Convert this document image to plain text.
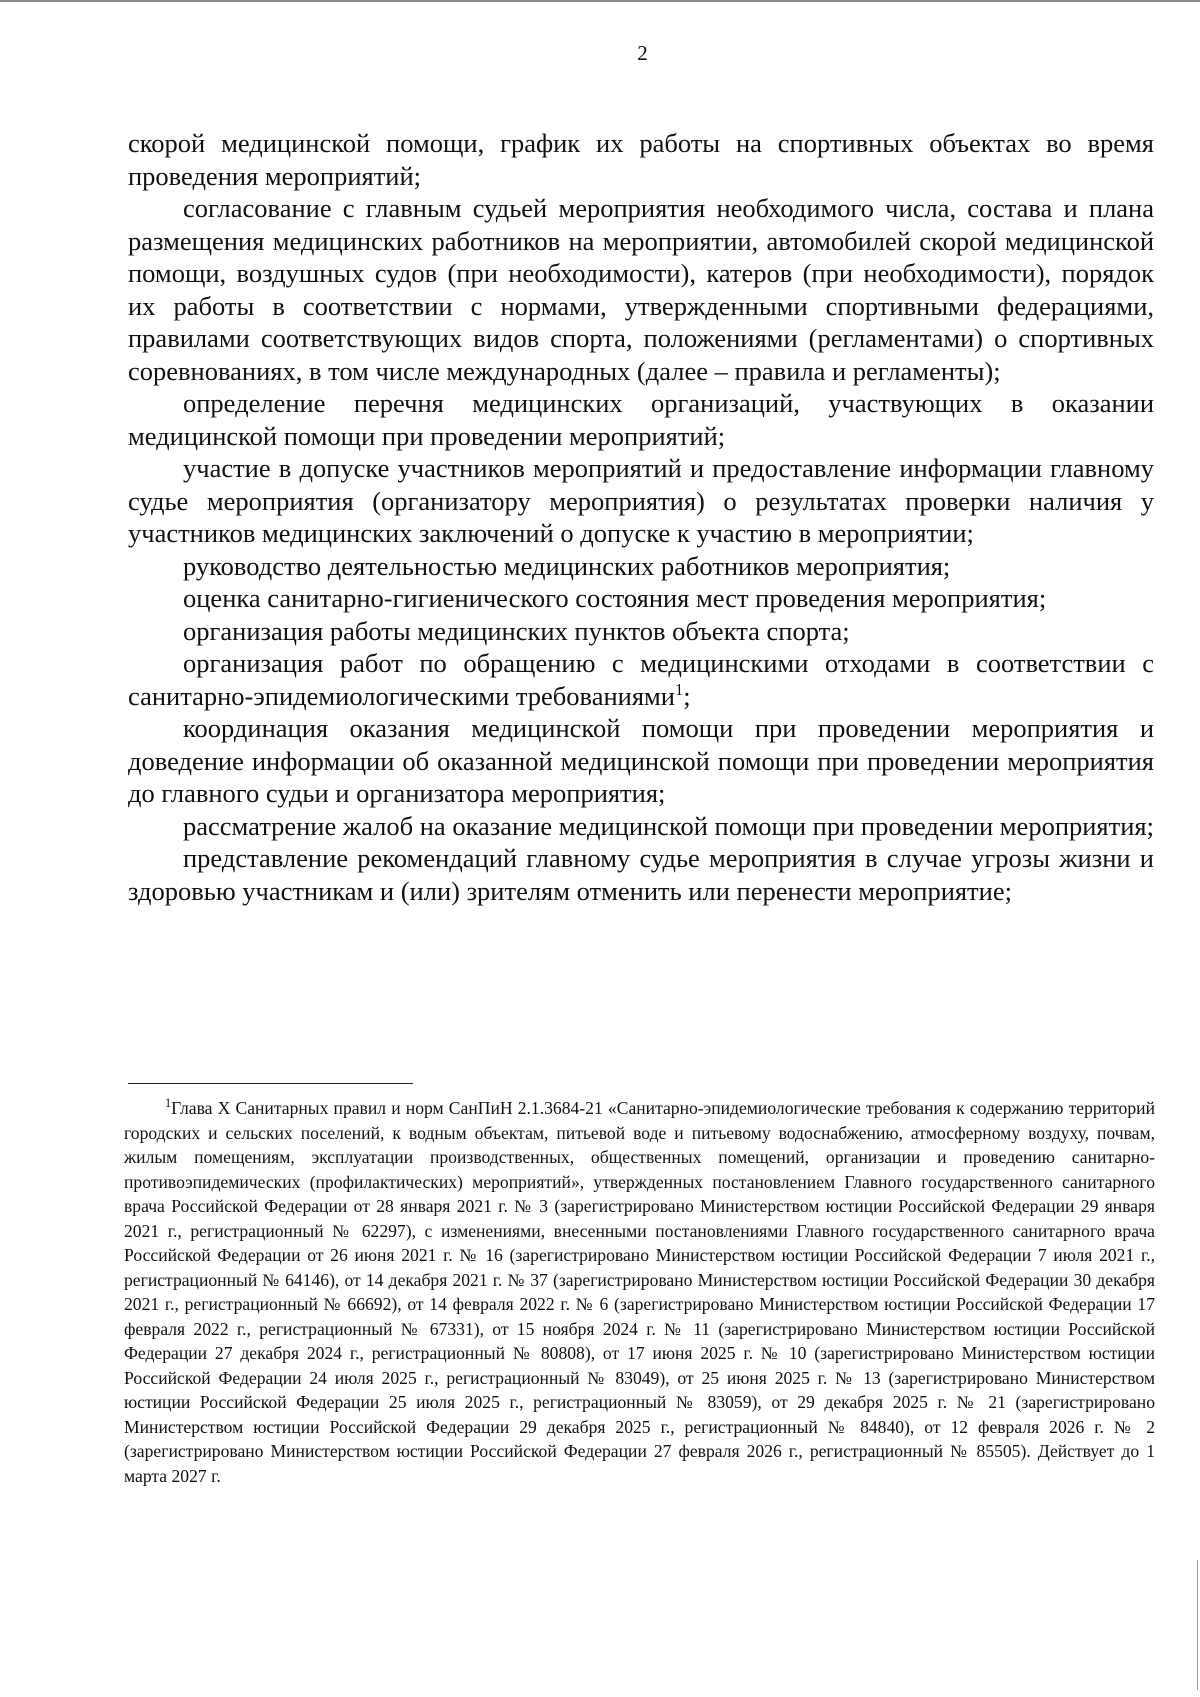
2

скорой медицинской помощи, график их работы на спортивных объектах во время проведения мероприятий;

согласование с главным судьей мероприятия необходимого числа, состава и плана размещения медицинских работников на мероприятии, автомобилей скорой медицинской помощи, воздушных судов (при необходимости), катеров (при необходимости), порядок их работы в соответствии с нормами, утвержденными спортивными федерациями, правилами соответствующих видов спорта, положениями (регламентами) о спортивных соревнованиях, в том числе международных (далее – правила и регламенты);

определение перечня медицинских организаций, участвующих в оказании медицинской помощи при проведении мероприятий;

участие в допуске участников мероприятий и предоставление информации главному судье мероприятия (организатору мероприятия) о результатах проверки наличия у участников медицинских заключений о допуске к участию в мероприятии;

руководство деятельностью медицинских работников мероприятия;

оценка санитарно-гигиенического состояния мест проведения мероприятия;

организация работы медицинских пунктов объекта спорта;

организация работ по обращению с медицинскими отходами в соответствии с санитарно-эпидемиологическими требованиями$^1$;

координация оказания медицинской помощи при проведении мероприятия и доведение информации об оказанной медицинской помощи при проведении мероприятия до главного судьи и организатора мероприятия;

рассматрение жалоб на оказание медицинской помощи при проведении мероприятия;

представление рекомендаций главному судье мероприятия в случае угрозы жизни и здоровью участникам и (или) зрителям отменить или перенести мероприятие;

$^1$Глава X Санитарных правил и норм СанПиН 2.1.3684-21 «Санитарно-эпидемиологические требования к содержанию территорий городских и сельских поселений, к водным объектам, питьевой воде и питьевому водоснабжению, атмосферному воздуху, почвам, жилым помещениям, эксплуатации производственных, общественных помещений, организации и проведению санитарно-противоэпидемических (профилактических) мероприятий», утвержденных постановлением Главного государственного санитарного врача Российской Федерации от 28 января 2021 г. № 3 (зарегистрировано Министерством юстиции Российской Федерации 29 января 2021 г., регистрационный № 62297), с изменениями, внесенными постановлениями Главного государственного санитарного врача Российской Федерации от 26 июня 2021 г. № 16 (зарегистрировано Министерством юстиции Российской Федерации 7 июля 2021 г., регистрационный № 64146), от 14 декабря 2021 г. № 37 (зарегистрировано Министерством юстиции Российской Федерации 30 декабря 2021 г., регистрационный № 66692), от 14 февраля 2022 г. № 6 (зарегистрировано Министерством юстиции Российской Федерации 17 февраля 2022 г., регистрационный № 67331), от 15 ноября 2024 г. № 11 (зарегистрировано Министерством юстиции Российской Федерации 27 декабря 2024 г., регистрационный № 80808), от 17 июня 2025 г. № 10 (зарегистрировано Министерством юстиции Российской Федерации 24 июля 2025 г., регистрационный № 83049), от 25 июня 2025 г. № 13 (зарегистрировано Министерством юстиции Российской Федерации 25 июля 2025 г., регистрационный № 83059), от 29 декабря 2025 г. № 21 (зарегистрировано Министерством юстиции Российской Федерации 29 декабря 2025 г., регистрационный № 84840), от 12 февраля 2026 г. № 2 (зарегистрировано Министерством юстиции Российской Федерации 27 февраля 2026 г., регистрационный № 85505). Действует до 1 марта 2027 г.
